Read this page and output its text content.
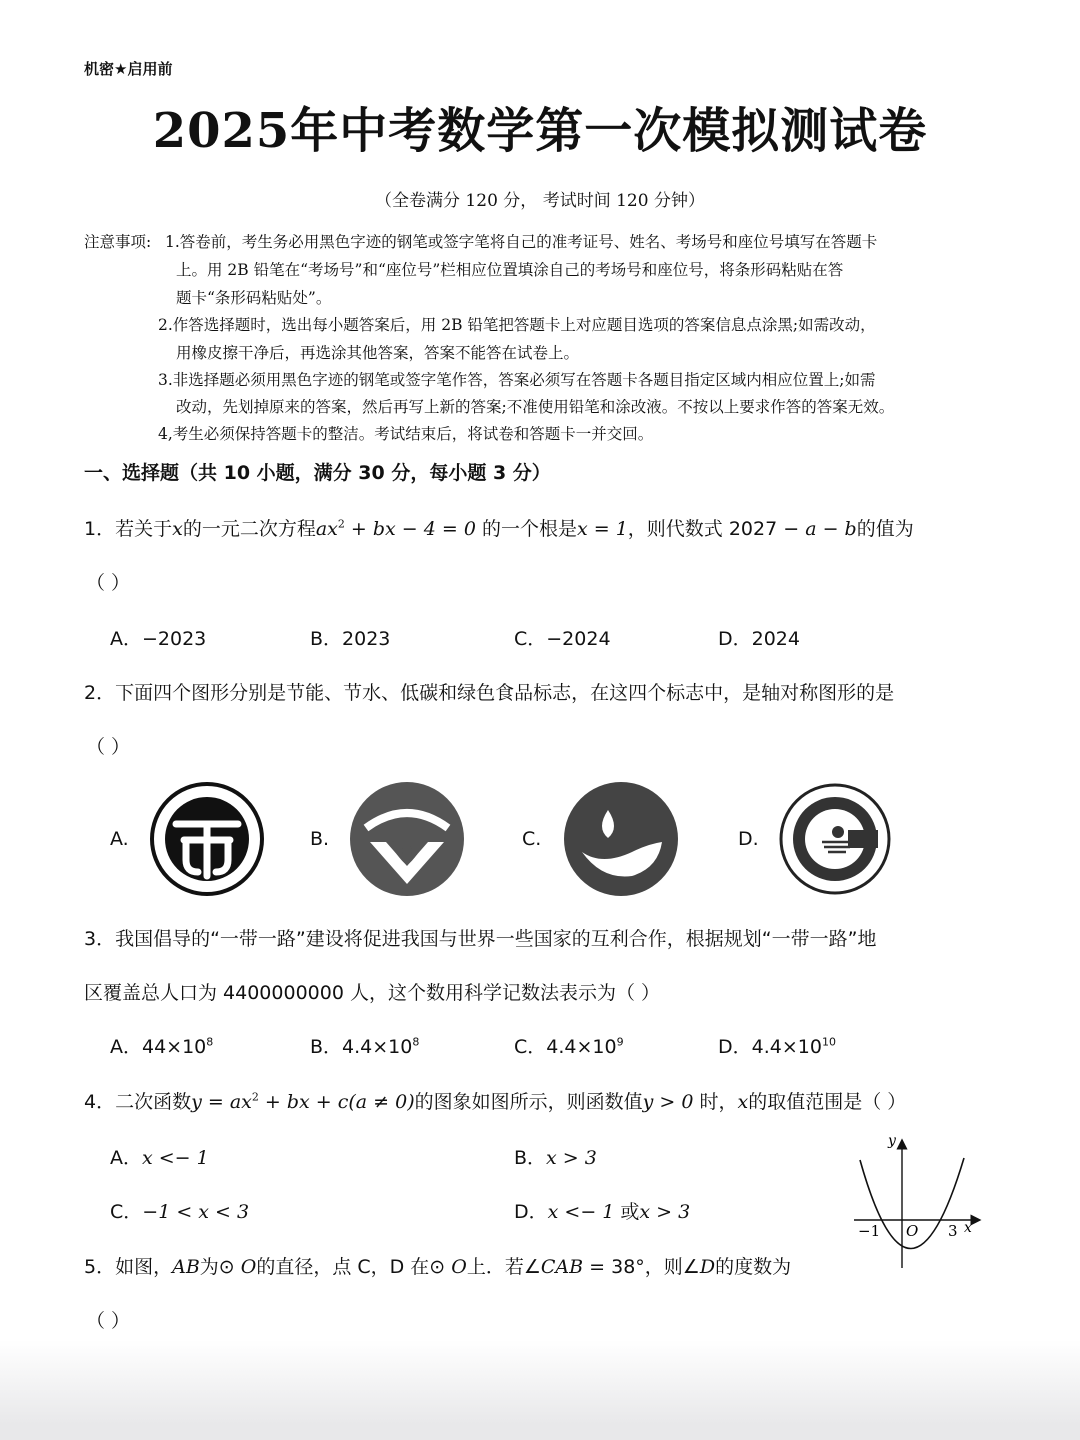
机密★启用前
2025年中考数学第一次模拟测试卷
（全卷满分 120 分， 考试时间 120 分钟）
注意事项: 1.答卷前，考生务必用黑色字迹的钢笔或签字笔将自己的准考证号、姓名、考场号和座位号填写在答题卡
上。用 2B 铅笔在“考场号”和“座位号”栏相应位置填涂自己的考场号和座位号，将条形码粘贴在答
题卡“条形码粘贴处”。
2.作答选择题时，选出每小题答案后，用 2B 铅笔把答题卡上对应题目选项的答案信息点涂黑;如需改动，
用橡皮擦干净后，再选涂其他答案，答案不能答在试卷上。
3.非选择题必须用黑色字迹的钢笔或签字笔作答，答案必须写在答题卡各题目指定区域内相应位置上;如需
改动，先划掉原来的答案，然后再写上新的答案;不准使用铅笔和涂改液。不按以上要求作答的答案无效。
4,考生必须保持答题卡的整洁。考试结束后，将试卷和答题卡一并交回。
一、选择题（共 10 小题，满分 30 分，每小题 3 分）
1．若关于x的一元二次方程$ax^2$ + bx − 4 = 0 的一个根是x = 1，则代数式 2027 − a − b的值为
（ ）
A．−2023	B．2023	C．−2024	D．2024
2．下面四个图形分别是节能、节水、低碳和绿色食品标志，在这四个标志中，是轴对称图形的是
（ ）
A.	B.	C.	D.
3．我国倡导的“一带一路”建设将促进我国与世界一些国家的互利合作，根据规划“一带一路”地
区覆盖总人口为 4400000000 人，这个数用科学记数法表示为（ ）
A．$44\times 10^8$	B．$4.4\times 10^8$	C．$4.4\times 10^9$	D．$4.4\times 10^{10}$
4．二次函数$y = ax^2$ + bx + c(a ≠ 0)的图象如图所示，则函数值y > 0 时，x的取值范围是（ ）
A．x <− 1	B．x > 3
C．−1 < x < 3	D．x <− 1 或x > 3
y
x
−1 O 3
5．如图，AB为⊙ O的直径，点 C，D 在⊙ O上．若∠CAB = 38°，则∠D的度数为
（ ）
